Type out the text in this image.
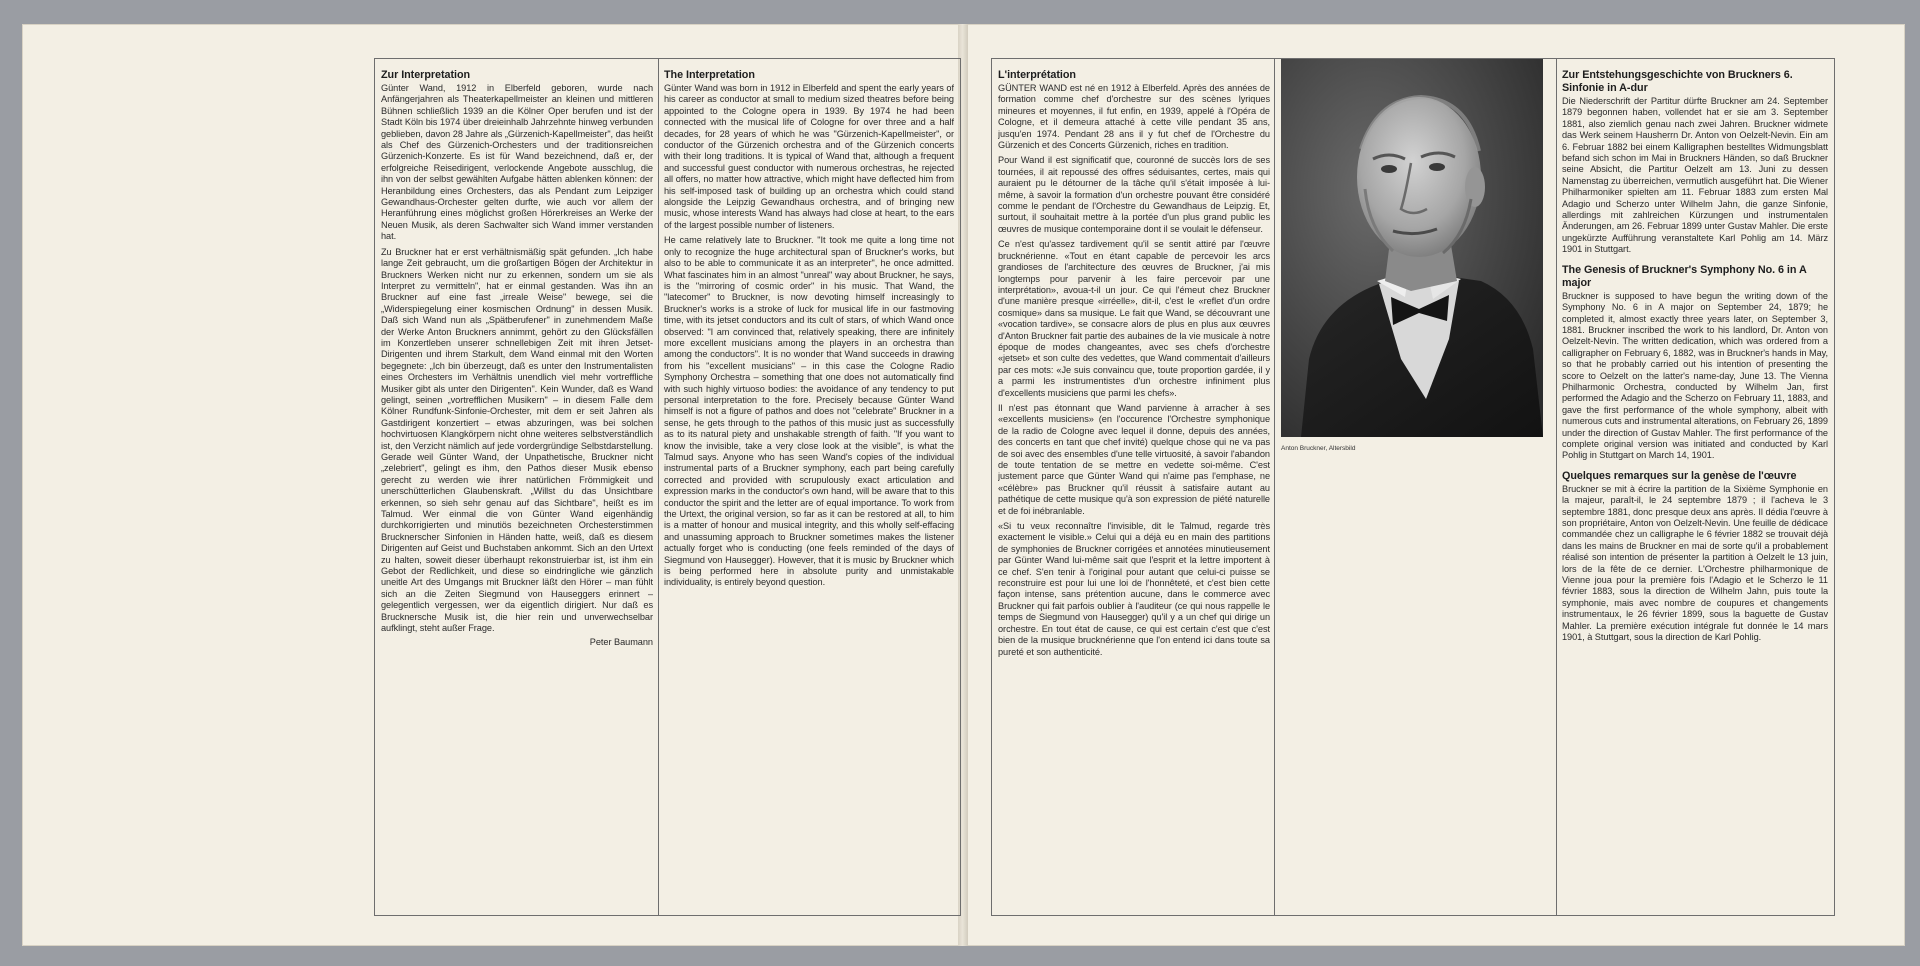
Zur Interpretation

Günter Wand, 1912 in Elberfeld geboren, wurde nach Anfängerjahren als Theaterkapellmeister an kleinen und mittleren Bühnen schließlich 1939 an die Kölner Oper berufen und ist der Stadt Köln bis 1974 über dreieinhalb Jahrzehnte hinweg verbunden geblieben, davon 28 Jahre als „Gürzenich-Kapellmeister", das heißt als Chef des Gürzenich-Orchesters und der traditionsreichen Gürzenich-Konzerte. Es ist für Wand bezeichnend, daß er, der erfolgreiche Reisedirigent, verlockende Angebote ausschlug, die ihn von der selbst gewählten Aufgabe hätten ablenken können: der Heranbildung eines Orchesters, das als Pendant zum Leipziger Gewandhaus-Orchester gelten durfte, wie auch vor allem der Heranführung eines möglichst großen Hörerkreises an Werke der Neuen Musik, als deren Sachwalter sich Wand immer verstanden hat.

Zu Bruckner hat er erst verhältnismäßig spät gefunden. „Ich habe lange Zeit gebraucht, um die großartigen Bögen der Architektur in Bruckners Werken nicht nur zu erkennen, sondern um sie als Interpret zu vermitteln", hat er einmal gestanden. Was ihn an Bruckner auf eine fast „irreale Weise" bewege, sei die „Widerspiegelung einer kosmischen Ordnung" in dessen Musik. Daß sich Wand nun als „Spätberufener" in zunehmendem Maße der Werke Anton Bruckners annimmt, gehört zu den Glücksfällen im Konzertleben unserer schnellebigen Zeit mit ihren Jetset-Dirigenten und ihrem Starkult, dem Wand einmal mit den Worten begegnete: „Ich bin überzeugt, daß es unter den Instrumentalisten eines Orchesters im Verhältnis unendlich viel mehr vortreffliche Musiker gibt als unter den Dirigenten". Kein Wunder, daß es Wand gelingt, seinen „vortrefflichen Musikern" – in diesem Falle dem Kölner Rundfunk-Sinfonie-Orchester, mit dem er seit Jahren als Gastdirigent konzertiert – etwas abzuringen, was bei solchen hochvirtuosen Klangkörpern nicht ohne weiteres selbstverständlich ist, den Verzicht nämlich auf jede vordergründige Selbstdarstellung. Gerade weil Günter Wand, der Unpathetische, Bruckner nicht „zelebriert", gelingt es ihm, den Pathos dieser Musik ebenso gerecht zu werden wie ihrer natürlichen Frömmigkeit und unerschütterlichen Glaubenskraft. „Willst du das Unsichtbare erkennen, so sieh sehr genau auf das Sichtbare", heißt es im Talmud. Wer einmal die von Günter Wand eigenhändig durchkorrigierten und minutiös bezeichneten Orchesterstimmen Brucknerscher Sinfonien in Händen hatte, weiß, daß es diesem Dirigenten auf Geist und Buchstaben ankommt. Sich an den Urtext zu halten, soweit dieser überhaupt rekonstruierbar ist, ist ihm ein Gebot der Redlichkeit, und diese so eindringliche wie gänzlich uneitle Art des Umgangs mit Bruckner läßt den Hörer – man fühlt sich an die Zeiten Siegmund von Hauseggers erinnert – gelegentlich vergessen, wer da eigentlich dirigiert. Nur daß es Brucknersche Musik ist, die hier rein und unverwechselbar aufklingt, steht außer Frage.

Peter Baumann

The Interpretation

Günter Wand was born in 1912 in Elberfeld and spent the early years of his career as conductor at small to medium sized theatres before being appointed to the Cologne opera in 1939. By 1974 he had been connected with the musical life of Cologne for over three and a half decades, for 28 years of which he was "Gürzenich-Kapellmeister", or conductor of the Gürzenich orchestra and of the Gürzenich concerts with their long traditions. It is typical of Wand that, although a frequent and successful guest conductor with numerous orchestras, he rejected all offers, no matter how attractive, which might have deflected him from his self-imposed task of building up an orchestra which could stand alongside the Leipzig Gewandhaus orchestra, and of bringing new music, whose interests Wand has always had close at heart, to the ears of the largest possible number of listeners.

He came relatively late to Bruckner. "It took me quite a long time not only to recognize the huge architectural span of Bruckner's works, but also to be able to communicate it as an interpreter", he once admitted. What fascinates him in an almost "unreal" way about Bruckner, he says, is the "mirroring of cosmic order" in his music. That Wand, the "latecomer" to Bruckner, is now devoting himself increasingly to Bruckner's works is a stroke of luck for musical life in our fastmoving time, with its jetset conductors and its cult of stars, of which Wand once observed: "I am convinced that, relatively speaking, there are infinitely more excellent musicians among the players in an orchestra than among the conductors". It is no wonder that Wand succeeds in drawing from his "excellent musicians" – in this case the Cologne Radio Symphony Orchestra – something that one does not automatically find with such highly virtuoso bodies: the avoidance of any tendency to put personal interpretation to the fore. Precisely because Günter Wand himself is not a figure of pathos and does not "celebrate" Bruckner in a sense, he gets through to the pathos of this music just as successfully as to its natural piety and unshakable strength of faith. "If you want to know the invisible, take a very close look at the visible", is what the Talmud says. Anyone who has seen Wand's copies of the individual instrumental parts of a Bruckner symphony, each part being carefully corrected and provided with scrupulously exact articulation and expression marks in the conductor's own hand, will be aware that to this conductor the spirit and the letter are of equal importance. To work from the Urtext, the original version, so far as it can be restored at all, to him is a matter of honour and musical integrity, and this wholly self-effacing and unassuming approach to Bruckner sometimes makes the listener actually forget who is conducting (one feels reminded of the days of Siegmund von Hausegger). However, that it is music by Bruckner which is being performed here in absolute purity and unmistakable individuality, is entirely beyond question.

L'interprétation

GÜNTER WAND est né en 1912 à Elberfeld. Après des années de formation comme chef d'orchestre sur des scènes lyriques mineures et moyennes, il fut enfin, en 1939, appelé à l'Opéra de Cologne, et il demeura attaché à cette ville pendant 35 ans, jusqu'en 1974. Pendant 28 ans il y fut chef de l'Orchestre du Gürzenich et des Concerts Gürzenich, riches en tradition.

Pour Wand il est significatif que, couronné de succès lors de ses tournées, il ait repoussé des offres séduisantes, certes, mais qui auraient pu le détourner de la tâche qu'il s'était imposée à lui-même, à savoir la formation d'un orchestre pouvant être considéré comme le pendant de l'Orchestre du Gewandhaus de Leipzig. Et, surtout, il souhaitait mettre à la portée d'un plus grand public les œuvres de musique contemporaine dont il se voulait le défenseur.

Ce n'est qu'assez tardivement qu'il se sentit attiré par l'œuvre brucknérienne. «Tout en étant capable de percevoir les arcs grandioses de l'architecture des œuvres de Bruckner, j'ai mis longtemps pour parvenir à les faire percevoir par une interprétation», avoua-t-il un jour. Ce qui l'émeut chez Bruckner d'une manière presque «irréelle», dit-il, c'est le «reflet d'un ordre cosmique» dans sa musique. Le fait que Wand, se découvrant une «vocation tardive», se consacre alors de plus en plus aux œuvres d'Anton Bruckner fait partie des aubaines de la vie musicale à notre époque de modes changeantes, avec ses chefs d'orchestre «jetset» et son culte des vedettes, que Wand commentait d'ailleurs par ces mots: «Je suis convaincu que, toute proportion gardée, il y a parmi les instrumentistes d'un orchestre infiniment plus d'excellents musiciens que parmi les chefs».

Il n'est pas étonnant que Wand parvienne à arracher à ses «excellents musiciens» (en l'occurence l'Orchestre symphonique de la radio de Cologne avec lequel il donne, depuis des années, des concerts en tant que chef invité) quelque chose qui ne va pas de soi avec des ensembles d'une telle virtuosité, à savoir l'abandon de toute tentation de se mettre en vedette soi-même. C'est justement parce que Günter Wand qui n'aime pas l'emphase, ne «célèbre» pas Bruckner qu'il réussit à satisfaire autant au pathétique de cette musique qu'à son expression de piété naturelle et de foi inébranlable.

«Si tu veux reconnaître l'invisible, dit le Talmud, regarde très exactement le visible.» Celui qui a déjà eu en main des partitions de symphonies de Bruckner corrigées et annotées minutieusement par Günter Wand lui-même sait que l'esprit et la lettre importent à ce chef. S'en tenir à l'original pour autant que celui-ci puisse se reconstruire est pour lui une loi de l'honnêteté, et c'est bien cette façon intense, sans prétention aucune, dans le commerce avec Bruckner qui fait parfois oublier à l'auditeur (ce qui nous rappelle le temps de Siegmund von Hausegger) qu'il y a un chef qui dirige un orchestre. En tout état de cause, ce qui est certain c'est que c'est bien de la musique brucknérienne que l'on entend ici dans toute sa pureté et son authenticité.

Anton Bruckner, Altersbild
Zur Entstehungsgeschichte von Bruckners 6. Sinfonie in A-dur

Die Niederschrift der Partitur dürfte Bruckner am 24. September 1879 begonnen haben, vollendet hat er sie am 3. September 1881, also ziemlich genau nach zwei Jahren. Bruckner widmete das Werk seinem Hausherrn Dr. Anton von Oelzelt-Nevin. Ein am 6. Februar 1882 bei einem Kalligraphen bestelltes Widmungsblatt befand sich schon im Mai in Bruckners Händen, so daß Bruckner seine Absicht, die Partitur Oelzelt am 13. Juni zu dessen Namenstag zu überreichen, vermutlich ausgeführt hat. Die Wiener Philharmoniker spielten am 11. Februar 1883 zum ersten Mal Adagio und Scherzo unter Wilhelm Jahn, die ganze Sinfonie, allerdings mit zahlreichen Kürzungen und instrumentalen Änderungen, am 26. Februar 1899 unter Gustav Mahler. Die erste ungekürzte Aufführung veranstaltete Karl Pohlig am 14. März 1901 in Stuttgart.

The Genesis of Bruckner's Symphony No. 6 in A major

Bruckner is supposed to have begun the writing down of the Symphony No. 6 in A major on September 24, 1879; he completed it, almost exactly three years later, on September 3, 1881. Bruckner inscribed the work to his landlord, Dr. Anton von Oelzelt-Nevin. The written dedication, which was ordered from a calligrapher on February 6, 1882, was in Bruckner's hands in May, so that he probably carried out his intention of presenting the score to Oelzelt on the latter's name-day, June 13. The Vienna Philharmonic Orchestra, conducted by Wilhelm Jan, first performed the Adagio and the Scherzo on February 11, 1883, and gave the first performance of the whole symphony, albeit with numerous cuts and instrumental alterations, on February 26, 1899 under the direction of Gustav Mahler. The first performance of the complete original version was initiated and conducted by Karl Pohlig in Stuttgart on March 14, 1901.

Quelques remarques sur la genèse de l'œuvre

Bruckner se mit à écrire la partition de la Sixième Symphonie en la majeur, paraît-il, le 24 septembre 1879 ; il l'acheva le 3 septembre 1881, donc presque deux ans après. Il dédia l'œuvre à son propriétaire, Anton von Oelzelt-Nevin. Une feuille de dédicace commandée chez un calligraphe le 6 février 1882 se trouvait déjà dans les mains de Bruckner en mai de sorte qu'il a probablement réalisé son intention de présenter la partition à Oelzelt le 13 juin, lors de la fête de ce dernier. L'Orchestre philharmonique de Vienne joua pour la première fois l'Adagio et le Scherzo le 11 février 1883, sous la direction de Wilhelm Jahn, puis toute la symphonie, mais avec nombre de coupures et changements instrumentaux, le 26 février 1899, sous la baguette de Gustav Mahler. La première exécution intégrale fut donnée le 14 mars 1901, à Stuttgart, sous la direction de Karl Pohlig.
